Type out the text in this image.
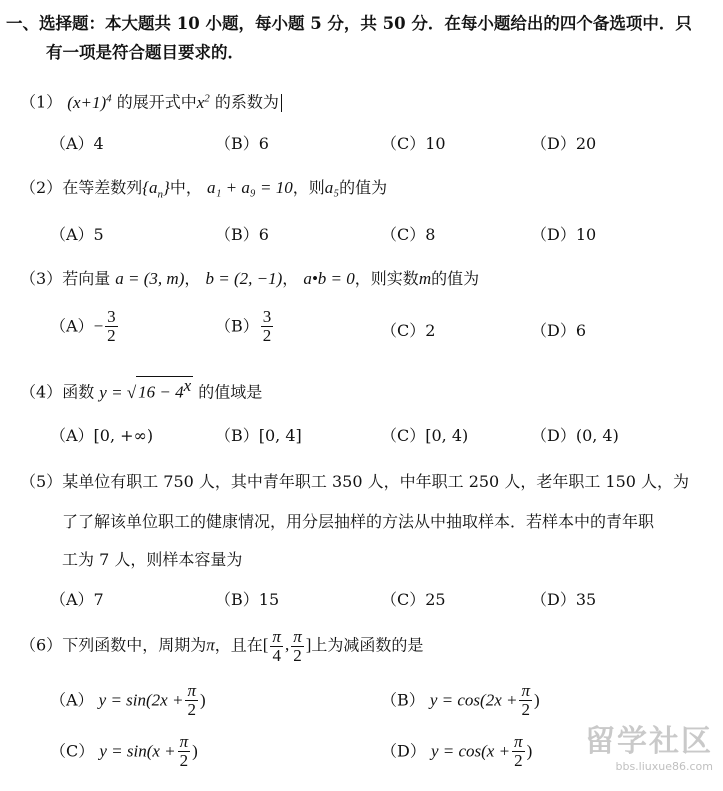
一、选择题：本大题共 10 小题，每小题 5 分，共 50 分．在每小题给出的四个备选项中．只
有一项是符合题目要求的．
（1） $(x+1)^4$ 的展开式中$x^2$ 的系数为
（A）4	（B）6	（C）10	（D）20
（2）在等差数列$\{a_n\}$中， a₁ + a₉ = 10，则a₅的值为
（A）5	（B）6	（C）8	（D）10
（3）若向量 a = (3, m)， b = (2, −1)， a•b = 0，则实数m的值为
$(A)- \frac{3}{2}$	$(B) \frac{3}{2}$	（C）2	（D）6
（4）函数 y = √ $16 - 4^x$ 的值域是
（A）[0, +∞)	（B）[0, 4]	（C）[0, 4)	（D）(0, 4)
（5）某单位有职工 750 人，其中青年职工 350 人，中年职工 250 人，老年职工 150 人，为
了了解该单位职工的健康情况，用分层抽样的方法从中抽取样本．若样本中的青年职
工为 7 人，则样本容量为
（A）7	（B）15	（C）25	（D）35
（6）下列函数中，周期为π，且在[ $\frac{\pi}{4}$ , $\frac{\pi}{2}$ ]上为减函数的是
（A） $y = \sin(2x + \frac{\pi}{2}$ )	（B） $y = \cos(2x + \frac{\pi}{2}$ )
（C） $y = \sin(x + \frac{\pi}{2}$ )	（D） $y = \cos(x + \frac{\pi}{2}$ ) 留学社区
bbs.liuxue86.com
